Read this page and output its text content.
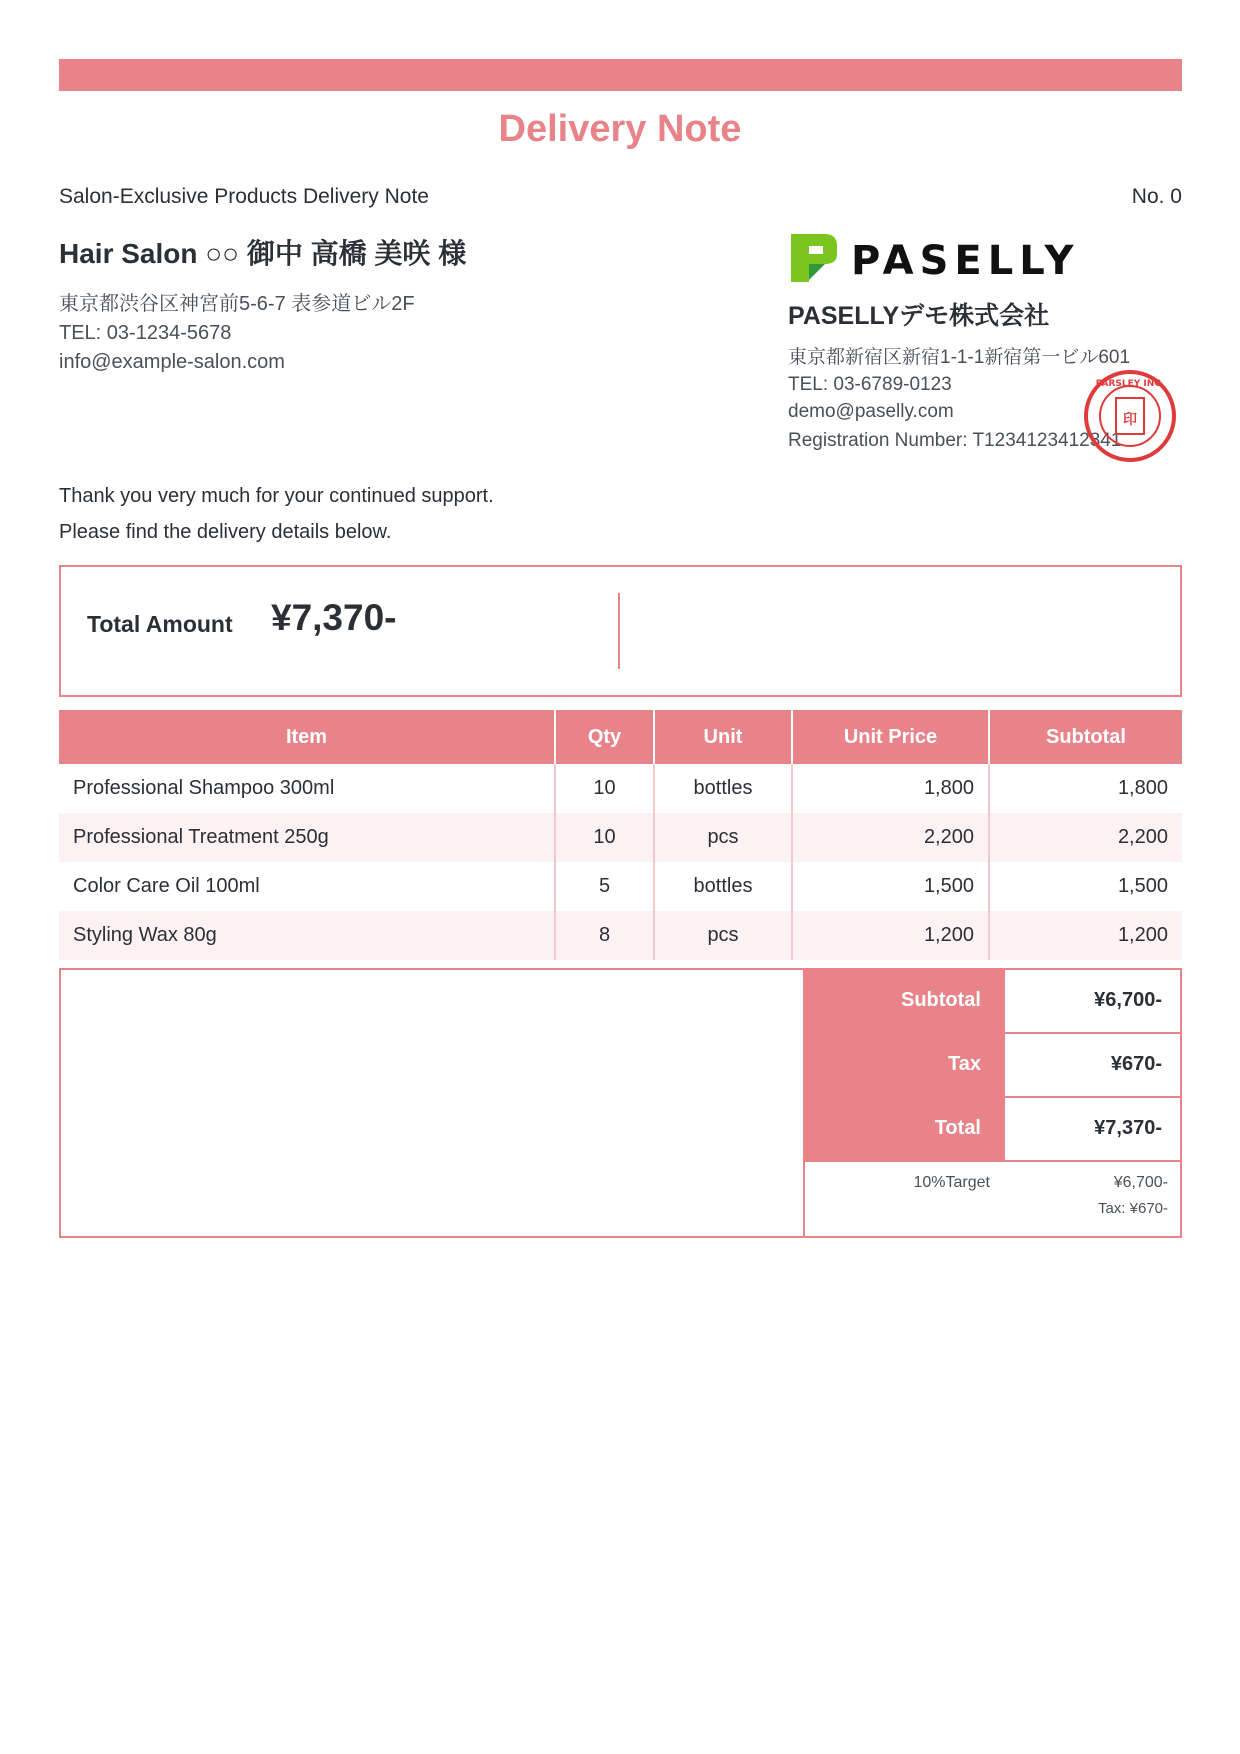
Delivery Note
Salon-Exclusive Products Delivery Note	No. 0
Hair Salon ○○ 御中 高橋 美咲 様
東京都渋谷区神宮前5-6-7 表参道ビル2F
TEL: 03-1234-5678
info@example-salon.com
PASELLY
PASELLYデモ株式会社
東京都新宿区新宿1-1-1新宿第一ビル601
TEL: 03-6789-0123
demo@paselly.com
Registration Number: T1234123412341
印
PARSLEY INC.
Thank you very much for your continued support.
Please find the delivery details below.
Total Amount ¥7,370-
Item	Qty	Unit	Unit Price	Subtotal
Professional Shampoo 300ml	10	bottles	1,800	1,800
Professional Treatment 250g	10	pcs	2,200	2,200
Color Care Oil 100ml	5	bottles	1,500	1,500
Styling Wax 80g	8	pcs	1,200	1,200
Subtotal	¥6,700-
Tax	¥670-
Total	¥7,370-
10%Target	¥6,700-
Tax: ¥670-
